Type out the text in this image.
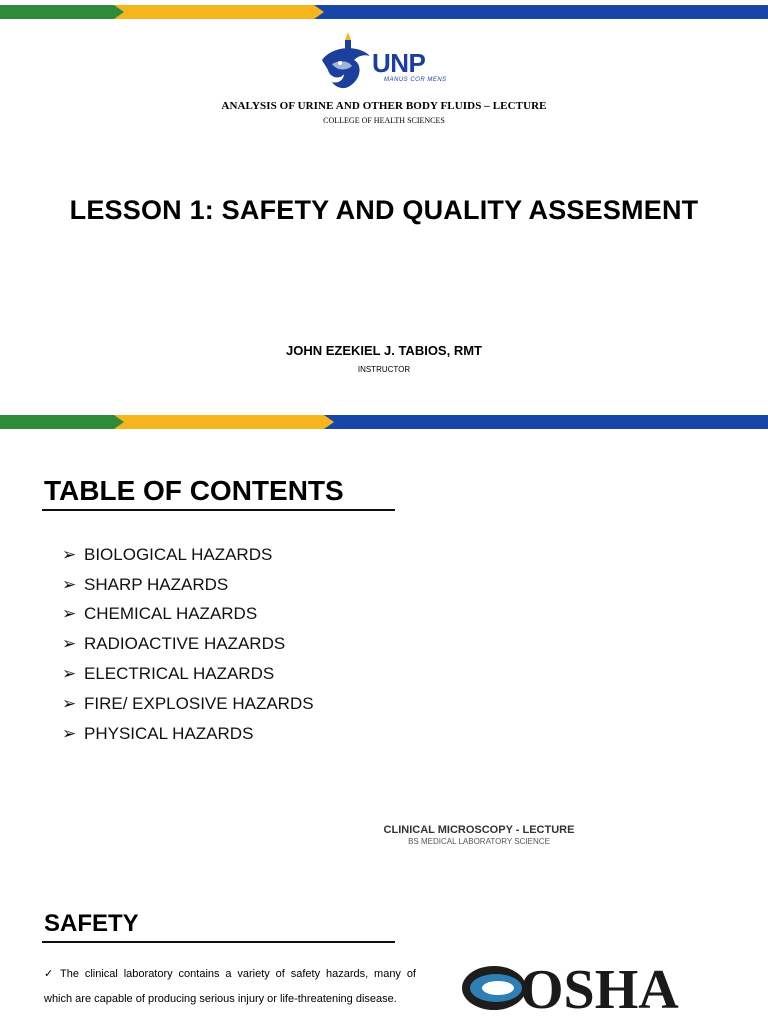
UNP
MANUS COR MENS
ANALYSIS OF URINE AND OTHER BODY FLUIDS – LECTURE
COLLEGE OF HEALTH SCIENCES
LESSON 1: SAFETY AND QUALITY ASSESMENT
JOHN EZEKIEL J. TABIOS, RMT
INSTRUCTOR
TABLE OF CONTENTS
➢ BIOLOGICAL HAZARDS
➢ SHARP HAZARDS
➢ CHEMICAL HAZARDS
➢ RADIOACTIVE HAZARDS
➢ ELECTRICAL HAZARDS
➢ FIRE/ EXPLOSIVE HAZARDS
➢ PHYSICAL HAZARDS
CLINICAL MICROSCOPY - LECTURE
BS MEDICAL LABORATORY SCIENCE
SAFETY
✓ The clinical laboratory contains a variety of safety hazards, many of which are capable of producing serious injury or life-threatening disease.	OSHA
